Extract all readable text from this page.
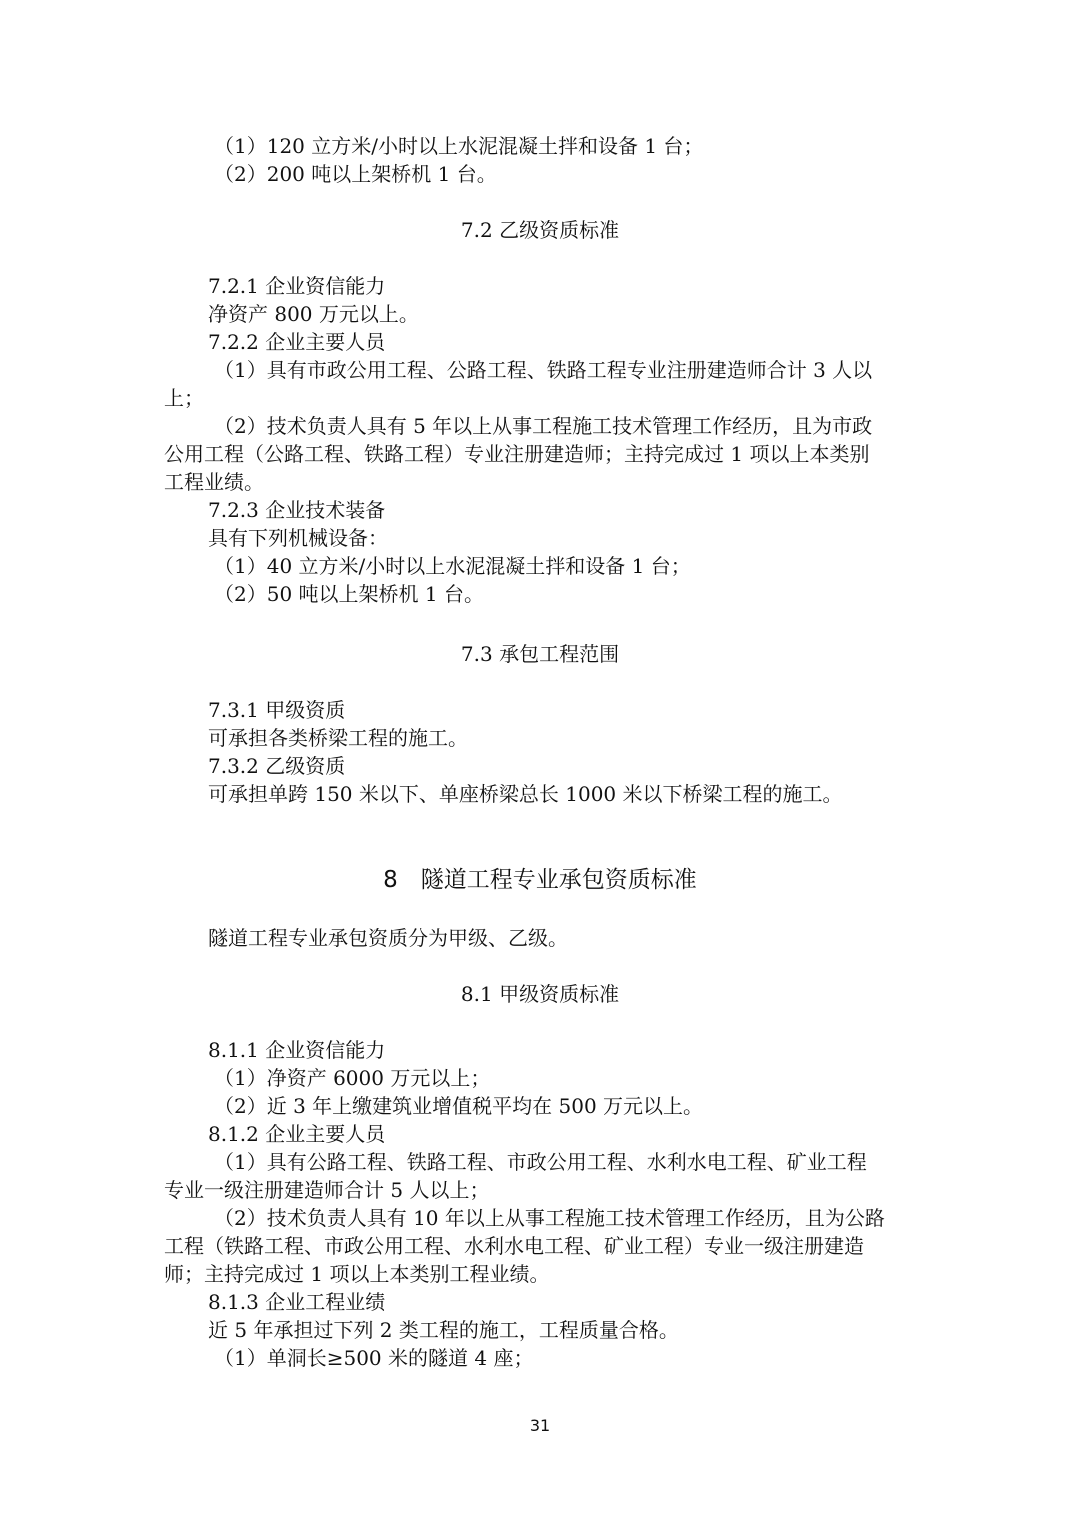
（1）120 立方米/小时以上水泥混凝土拌和设备 1 台；
（2）200 吨以上架桥机 1 台。
7.2 乙级资质标准
7.2.1 企业资信能力
净资产 800 万元以上。
7.2.2 企业主要人员
（1）具有市政公用工程、公路工程、铁路工程专业注册建造师合计 3 人以
上；
（2）技术负责人具有 5 年以上从事工程施工技术管理工作经历，且为市政
公用工程（公路工程、铁路工程）专业注册建造师；主持完成过 1 项以上本类别
工程业绩。
7.2.3 企业技术装备
具有下列机械设备：
（1）40 立方米/小时以上水泥混凝土拌和设备 1 台；
（2）50 吨以上架桥机 1 台。
7.3 承包工程范围
7.3.1 甲级资质
可承担各类桥梁工程的施工。
7.3.2 乙级资质
可承担单跨 150 米以下、单座桥梁总长 1000 米以下桥梁工程的施工。
8　隧道工程专业承包资质标准
隧道工程专业承包资质分为甲级、乙级。
8.1 甲级资质标准
8.1.1 企业资信能力
（1）净资产 6000 万元以上；
（2）近 3 年上缴建筑业增值税平均在 500 万元以上。
8.1.2 企业主要人员
（1）具有公路工程、铁路工程、市政公用工程、水利水电工程、矿业工程
专业一级注册建造师合计 5 人以上；
（2）技术负责人具有 10 年以上从事工程施工技术管理工作经历，且为公路
工程（铁路工程、市政公用工程、水利水电工程、矿业工程）专业一级注册建造
师；主持完成过 1 项以上本类别工程业绩。
8.1.3 企业工程业绩
近 5 年承担过下列 2 类工程的施工，工程质量合格。
（1）单洞长≥500 米的隧道 4 座；
31
